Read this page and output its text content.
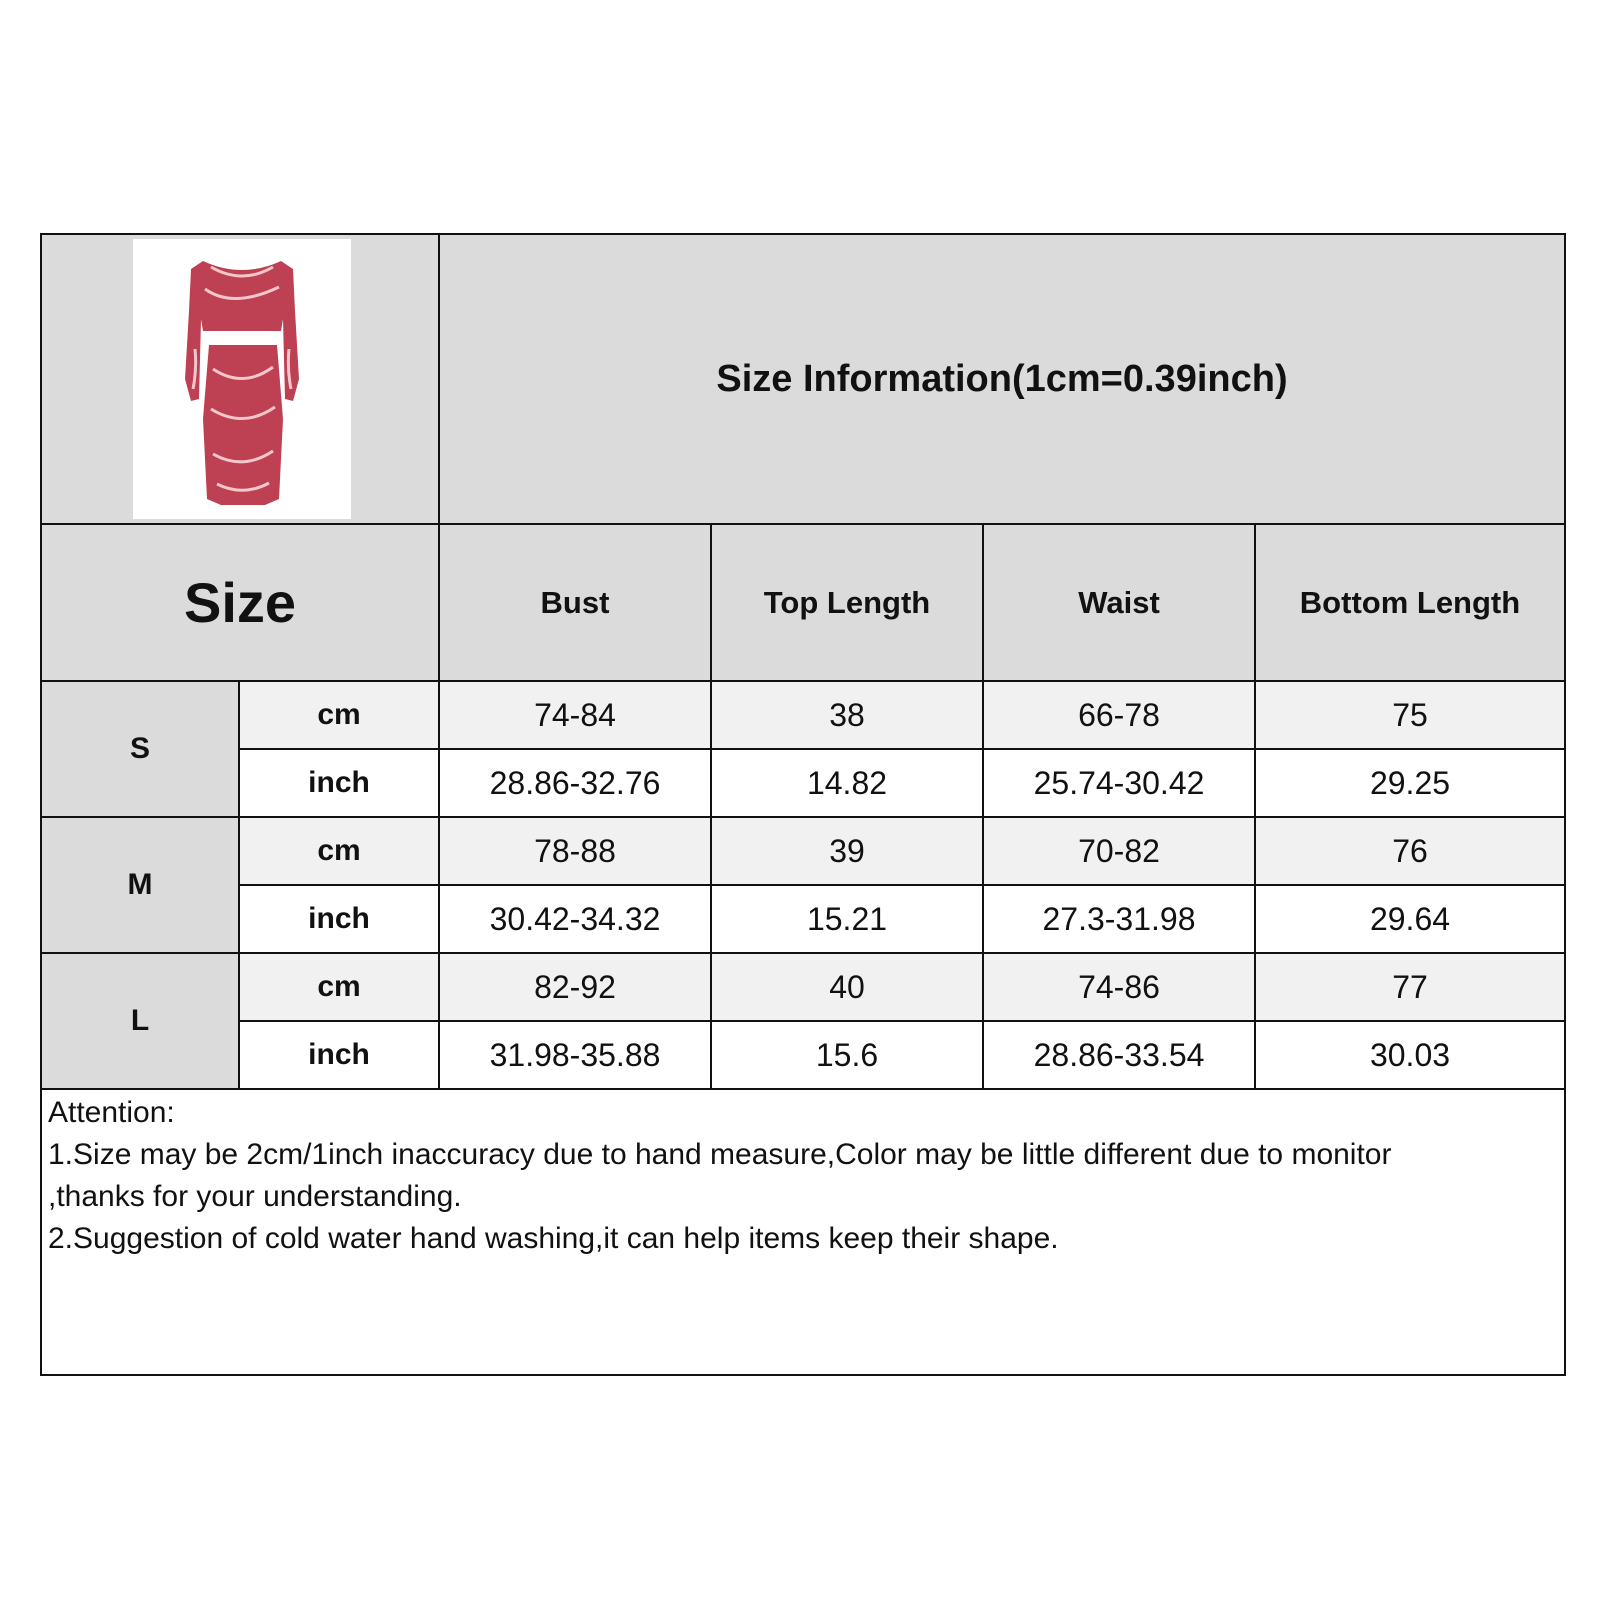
Size Information(1cm=0.39inch)
Size	Bust	Top Length	Waist	Bottom Length
S
cm	74-84	38	66-78	75
inch	28.86-32.76	14.82	25.74-30.42	29.25
M
cm	78-88	39	70-82	76
inch	30.42-34.32	15.21	27.3-31.98	29.64
L
cm	82-92	40	74-86	77
inch	31.98-35.88	15.6	28.86-33.54	30.03

Attention:

1.Size may be 2cm/1inch inaccuracy due to hand measure,Color may be little different due to monitor

,thanks for your understanding.

2.Suggestion of cold water hand washing,it can help items keep their shape.
